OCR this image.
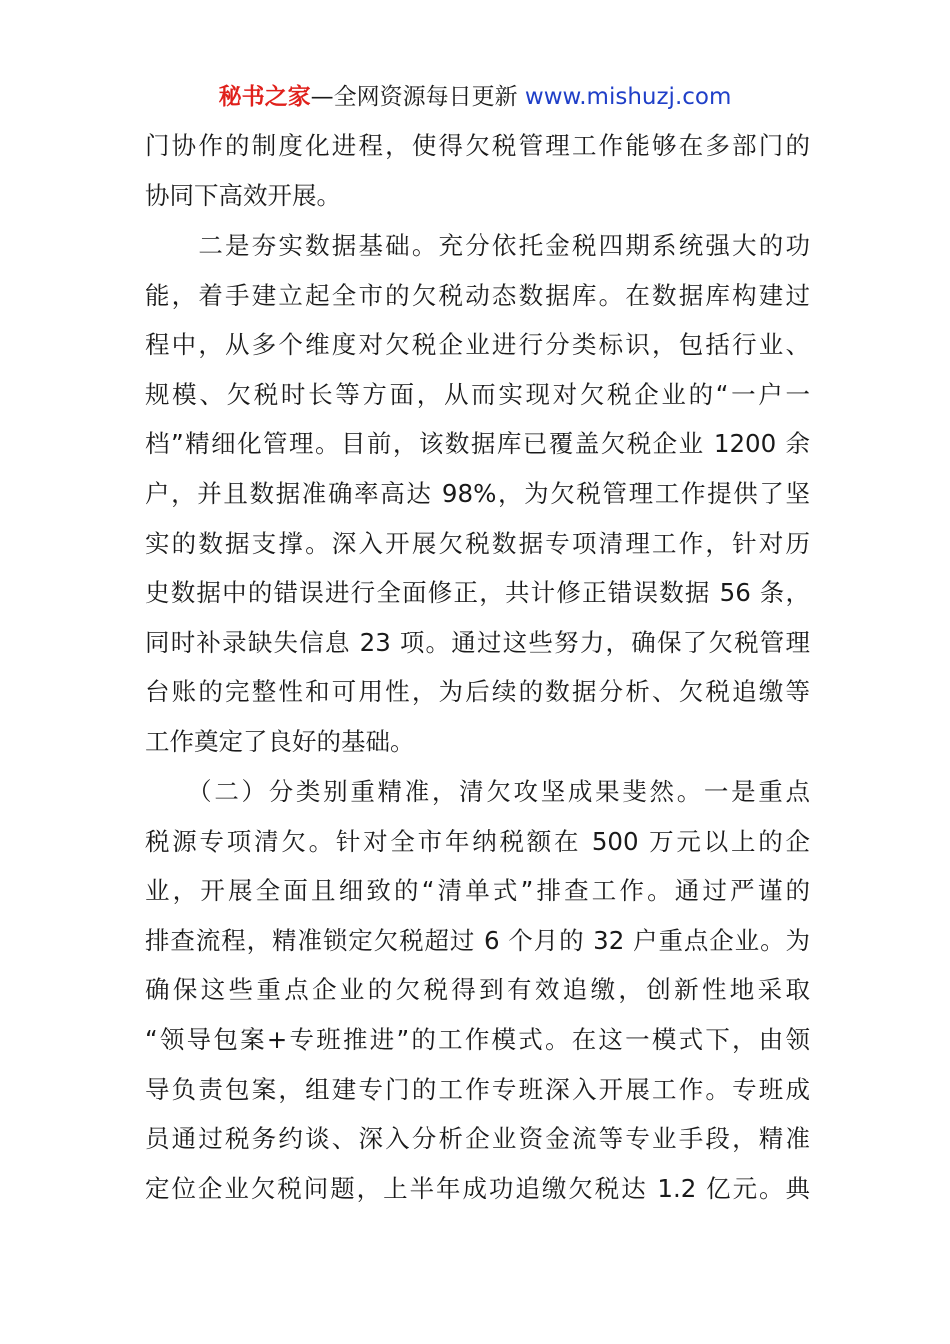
秘书之家—全网资源每日更新 www.mishuzj.com
门协作的制度化进程，使得欠税管理工作能够在多部门的
协同下高效开展。
　　二是夯实数据基础。充分依托金税四期系统强大的功
能，着手建立起全市的欠税动态数据库。在数据库构建过
程中，从多个维度对欠税企业进行分类标识，包括行业、
规模、欠税时长等方面，从而实现对欠税企业的“一户一
档”精细化管理。目前，该数据库已覆盖欠税企业 1200 余
户，并且数据准确率高达 98%，为欠税管理工作提供了坚
实的数据支撑。深入开展欠税数据专项清理工作，针对历
史数据中的错误进行全面修正，共计修正错误数据 56 条，
同时补录缺失信息 23 项。通过这些努力，确保了欠税管理
台账的完整性和可用性，为后续的数据分析、欠税追缴等
工作奠定了良好的基础。
　　（二）分类别重精准，清欠攻坚成果斐然。一是重点
税源专项清欠。针对全市年纳税额在 500 万元以上的企
业，开展全面且细致的“清单式”排查工作。通过严谨的
排查流程，精准锁定欠税超过 6 个月的 32 户重点企业。为
确保这些重点企业的欠税得到有效追缴，创新性地采取
“领导包案+专班推进”的工作模式。在这一模式下，由领
导负责包案，组建专门的工作专班深入开展工作。专班成
员通过税务约谈、深入分析企业资金流等专业手段，精准
定位企业欠税问题，上半年成功追缴欠税达 1.2 亿元。典
